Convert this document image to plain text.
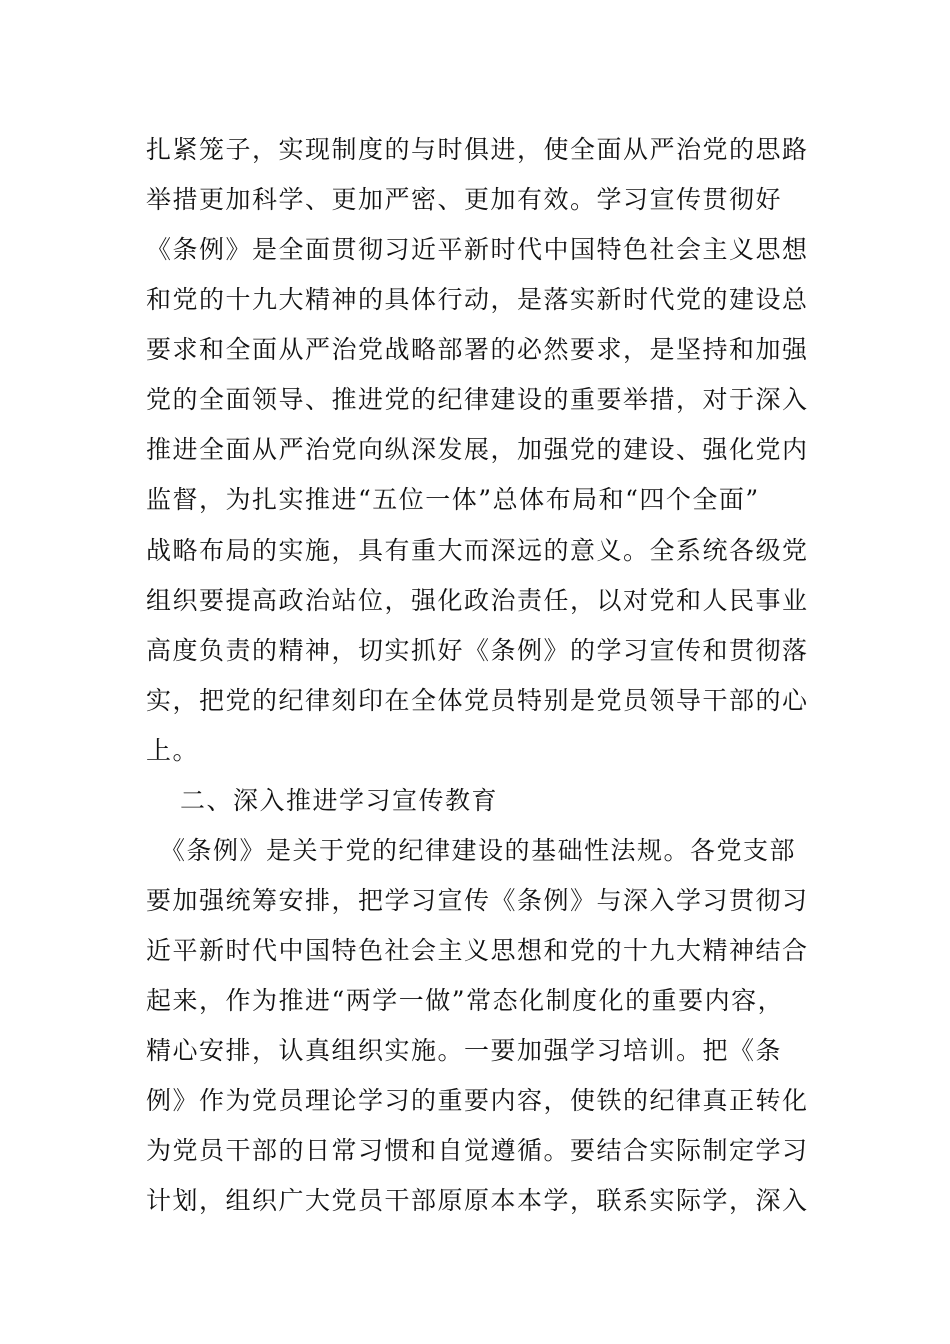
扎紧笼子，实现制度的与时俱进，使全面从严治党的思路
举措更加科学、更加严密、更加有效。学习宣传贯彻好
《条例》是全面贯彻习近平新时代中国特色社会主义思想
和党的十九大精神的具体行动，是落实新时代党的建设总
要求和全面从严治党战略部署的必然要求，是坚持和加强
党的全面领导、推进党的纪律建设的重要举措，对于深入
推进全面从严治党向纵深发展，加强党的建设、强化党内
监督，为扎实推进“五位一体”总体布局和“四个全面”
战略布局的实施，具有重大而深远的意义。全系统各级党
组织要提高政治站位，强化政治责任，以对党和人民事业
高度负责的精神，切实抓好《条例》的学习宣传和贯彻落
实，把党的纪律刻印在全体党员特别是党员领导干部的心
上。
二、深入推进学习宣传教育
《条例》是关于党的纪律建设的基础性法规。各党支部
要加强统筹安排，把学习宣传《条例》与深入学习贯彻习
近平新时代中国特色社会主义思想和党的十九大精神结合
起来，作为推进“两学一做”常态化制度化的重要内容，
精心安排，认真组织实施。一要加强学习培训。把《条
例》作为党员理论学习的重要内容，使铁的纪律真正转化
为党员干部的日常习惯和自觉遵循。要结合实际制定学习
计划，组织广大党员干部原原本本学，联系实际学，深入
